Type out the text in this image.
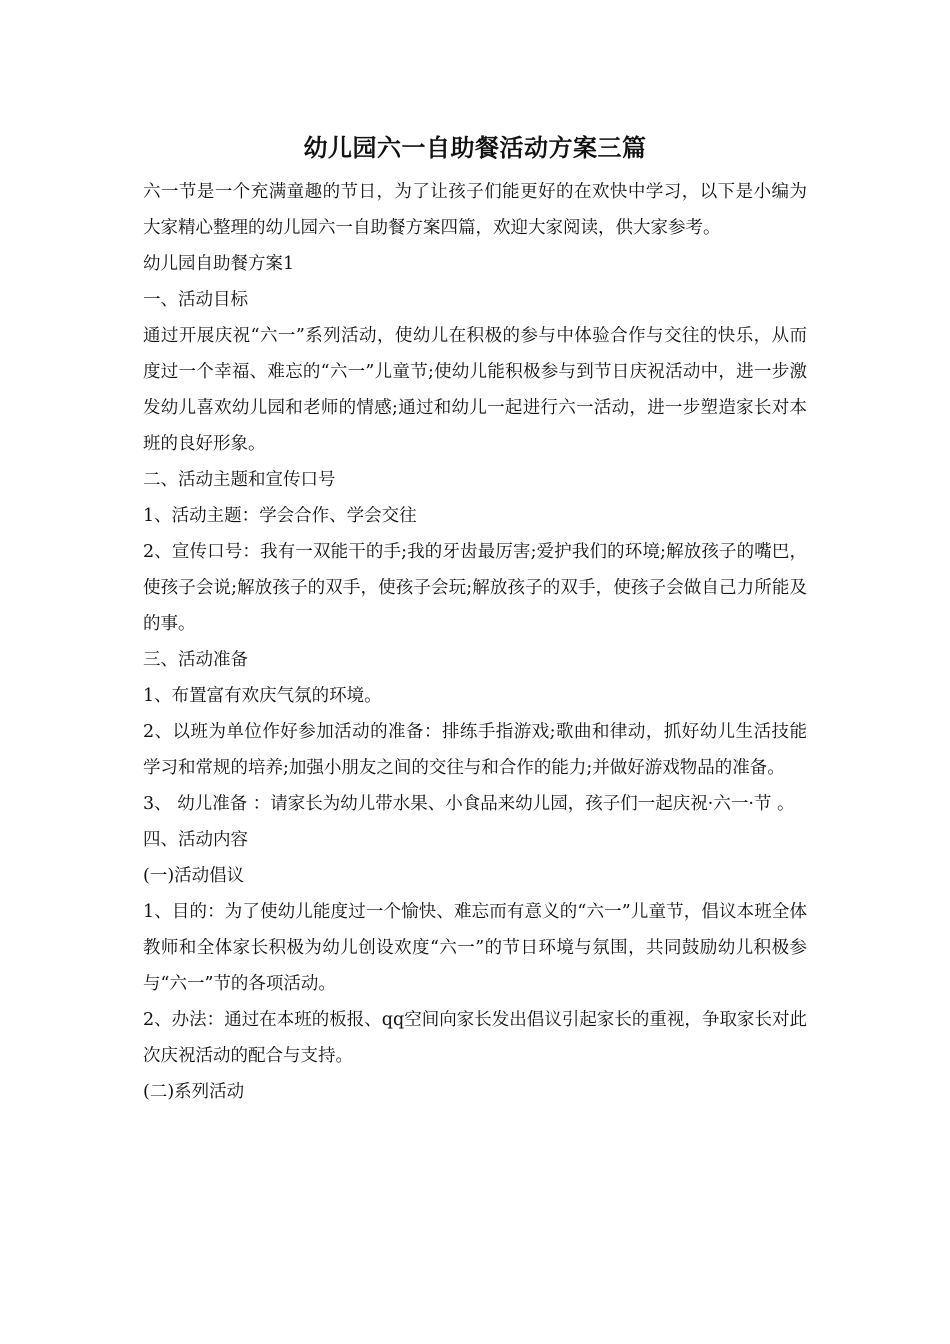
幼儿园六一自助餐活动方案三篇

六一节是一个充满童趣的节日，为了让孩子们能更好的在欢快中学习，以下是小编为大家精心整理的幼儿园六一自助餐方案四篇，欢迎大家阅读，供大家参考。

幼儿园自助餐方案1

一、活动目标

通过开展庆祝“六一”系列活动，使幼儿在积极的参与中体验合作与交往的快乐，从而度过一个幸福、难忘的“六一”儿童节;使幼儿能积极参与到节日庆祝活动中，进一步激发幼儿喜欢幼儿园和老师的情感;通过和幼儿一起进行六一活动，进一步塑造家长对本班的良好形象。

二、活动主题和宣传口号

1、活动主题：学会合作、学会交往

2、宣传口号：我有一双能干的手;我的牙齿最厉害;爱护我们的环境;解放孩子的嘴巴，使孩子会说;解放孩子的双手，使孩子会玩;解放孩子的双手，使孩子会做自己力所能及的事。

三、活动准备

1、布置富有欢庆气氛的环境。

2、以班为单位作好参加活动的准备：排练手指游戏;歌曲和律动，抓好幼儿生活技能学习和常规的培养;加强小朋友之间的交往与和合作的能力;并做好游戏物品的准备。

3、 幼儿准备 ：请家长为幼儿带水果、小食品来幼儿园，孩子们一起庆祝·六一·节 。

四、活动内容

(一)活动倡议

1、目的：为了使幼儿能度过一个愉快、难忘而有意义的“六一”儿童节，倡议本班全体教师和全体家长积极为幼儿创设欢度“六一”的节日环境与氛围，共同鼓励幼儿积极参与“六一”节的各项活动。

2、办法：通过在本班的板报、qq空间向家长发出倡议引起家长的重视，争取家长对此次庆祝活动的配合与支持。

(二)系列活动
